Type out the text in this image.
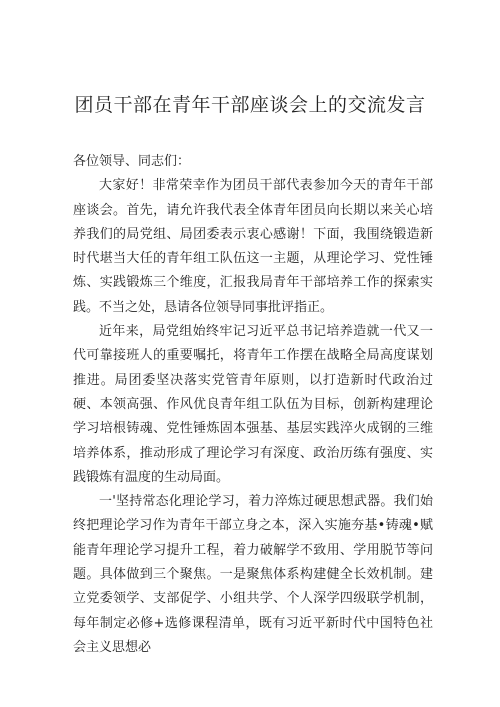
团员干部在青年干部座谈会上的交流发言

各位领导、同志们：

大家好！非常荣幸作为团员干部代表参加今天的青年干部座谈会。首先，请允许我代表全体青年团员向长期以来关心培养我们的局党组、局团委表示衷心感谢！下面，我围绕锻造新时代堪当大任的青年组工队伍这一主题，从理论学习、党性锤炼、实践锻炼三个维度，汇报我局青年干部培养工作的探索实践。不当之处，恳请各位领导同事批评指正。

近年来，局党组始终牢记习近平总书记培养造就一代又一代可靠接班人的重要嘱托，将青年工作摆在战略全局高度谋划推进。局团委坚决落实党管青年原则，以打造新时代政治过硬、本领高强、作风优良青年组工队伍为目标，创新构建理论学习培根铸魂、党性锤炼固本强基、基层实践淬火成钢的三维培养体系，推动形成了理论学习有深度、政治历练有强度、实践锻炼有温度的生动局面。

一'坚持常态化理论学习，着力淬炼过硬思想武器。我们始终把理论学习作为青年干部立身之本，深入实施夯基•铸魂•赋能青年理论学习提升工程，着力破解学不致用、学用脱节等问题。具体做到三个聚焦。一是聚焦体系构建健全长效机制。建立党委领学、支部促学、小组共学、个人深学四级联学机制，每年制定必修+选修课程清单，既有习近平新时代中国特色社会主义思想必
